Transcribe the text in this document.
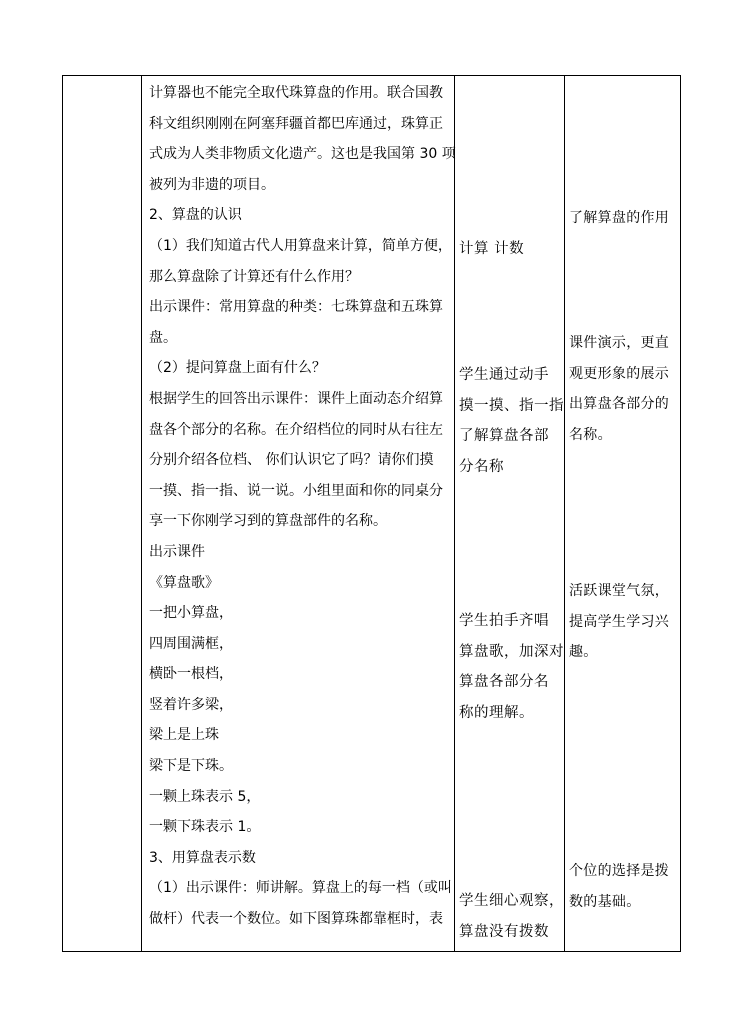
计算器也不能完全取代珠算盘的作用。联合国教
科文组织刚刚在阿塞拜疆首都巴库通过，珠算正
式成为人类非物质文化遗产。这也是我国第 30 项
被列为非遗的项目。
2、算盘的认识
（1）我们知道古代人用算盘来计算，简单方便，
那么算盘除了计算还有什么作用？
出示课件：常用算盘的种类：七珠算盘和五珠算
盘。
（2）提问算盘上面有什么？
根据学生的回答出示课件：课件上面动态介绍算
盘各个部分的名称。在介绍档位的同时从右往左
分别介绍各位档、 你们认识它了吗？请你们摸
一摸、指一指、说一说。小组里面和你的同桌分
享一下你刚学习到的算盘部件的名称。
出示课件
《算盘歌》
一把小算盘，
四周围满框，
横卧一根档，
竖着许多梁，
梁上是上珠
梁下是下珠。
一颗上珠表示 5，
一颗下珠表示 1。
3、用算盘表示数
（1）出示课件：师讲解。算盘上的每一档（或叫
做杆）代表一个数位。如下图算珠都靠框时，表
计算 计数
学生通过动手
摸一摸、指一指
了解算盘各部
分名称
学生拍手齐唱
算盘歌，加深对
算盘各部分名
称的理解。
学生细心观察，
算盘没有拨数
了解算盘的作用
课件演示，更直
观更形象的展示
出算盘各部分的
名称。
活跃课堂气氛，
提高学生学习兴
趣。
个位的选择是拨
数的基础。
